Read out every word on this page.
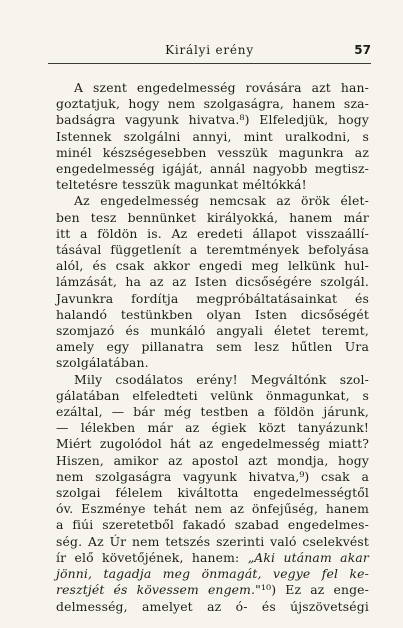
Királyi erény	57

A szent engedelmesség rovására azt han-
goztatjuk, hogy nem szolgaságra, hanem sza-
badságra vagyunk hivatva.⁸) Elfeledjük, hogy
Istennek szolgálni annyi, mint uralkodni, s
minél készségesebben vesszük magunkra az
engedelmesség igáját, annál nagyobb megtisz-
teltetésre tesszük magunkat méltókká!

Az engedelmesség nemcsak az örök élet-
ben tesz bennünket királyokká, hanem már
itt a földön is. Az eredeti állapot visszaállí-
tásával függetlenít a teremtmények befolyása
alól, és csak akkor engedi meg lelkünk hul-
lámzását, ha az az Isten dicsőségére szolgál.
Javunkra fordítja megpróbáltatásainkat és
halandó testünkben olyan Isten dicsőségét
szomjazó és munkáló angyali életet teremt,
amely egy pillanatra sem lesz hűtlen Ura
szolgálatában.

Mily csodálatos erény! Megváltónk szol-
gálatában elfeledteti velünk önmagunkat, s
ezáltal, — bár még testben a földön járunk,
— lélekben már az égiek közt tanyázunk!
Miért zugolódol hát az engedelmesség miatt?
Hiszen, amikor az apostol azt mondja, hogy
nem szolgaságra vagyunk hivatva,⁹) csak a
szolgai félelem kiváltotta engedelmességtől
óv. Eszménye tehát nem az önfejűség, hanem
a fiúi szeretetből fakadó szabad engedelmes-
ség. Az Úr nem tetszés szerinti való cselekvést
ír elő követőjének, hanem: „Aki utánam akar
jönni, tagadja meg önmagát, vegye fel ke-
resztjét és kövessem engem."¹⁰) Ez az enge-
delmesség, amelyet az ó- és újszövetségi
